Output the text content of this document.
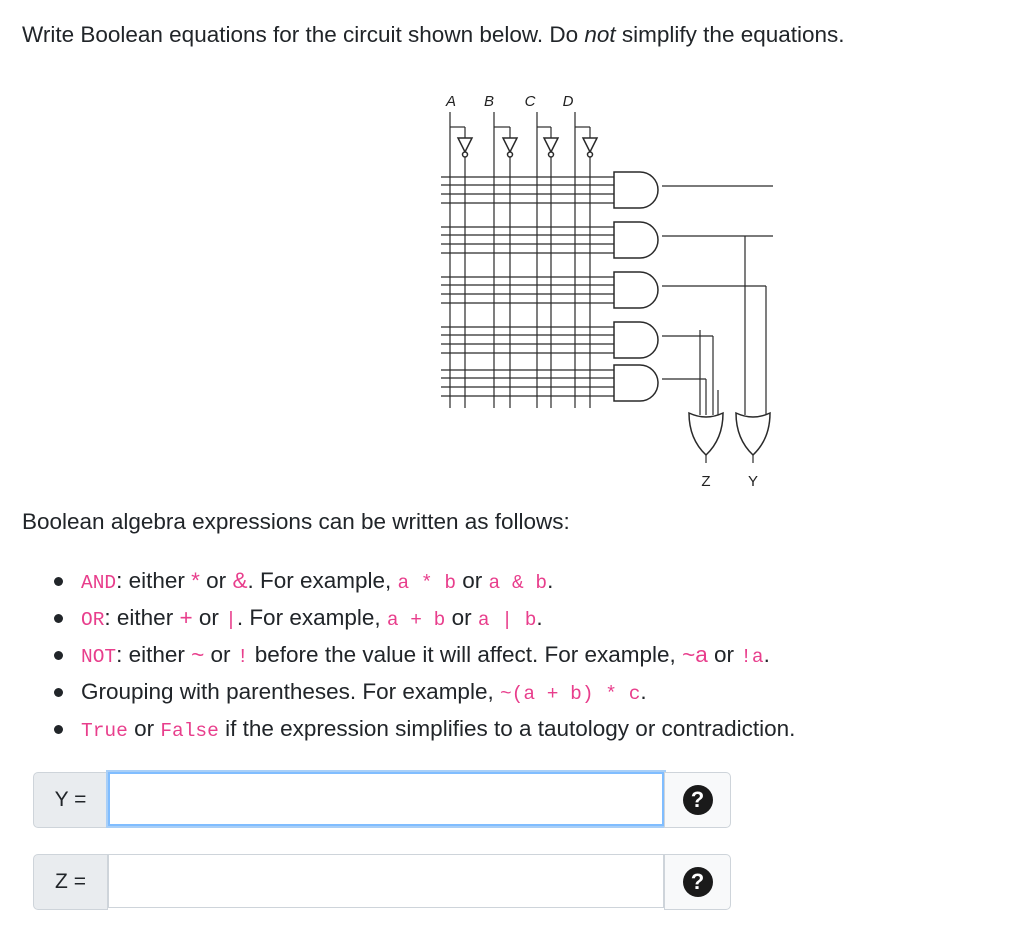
Write Boolean equations for the circuit shown below. Do not simplify the equations.

A B C D
Z Y

Boolean algebra expressions can be written as follows:

AND: either * or &. For example, a * b or a & b.
OR: either + or |. For example, a + b or a | b.
NOT: either ~ or ! before the value it will affect. For example, ~a or !a.
Grouping with parentheses. For example, ~(a + b) * c.
True or False if the expression simplifies to a tautology or contradiction.
Y =	?
Z =	?
